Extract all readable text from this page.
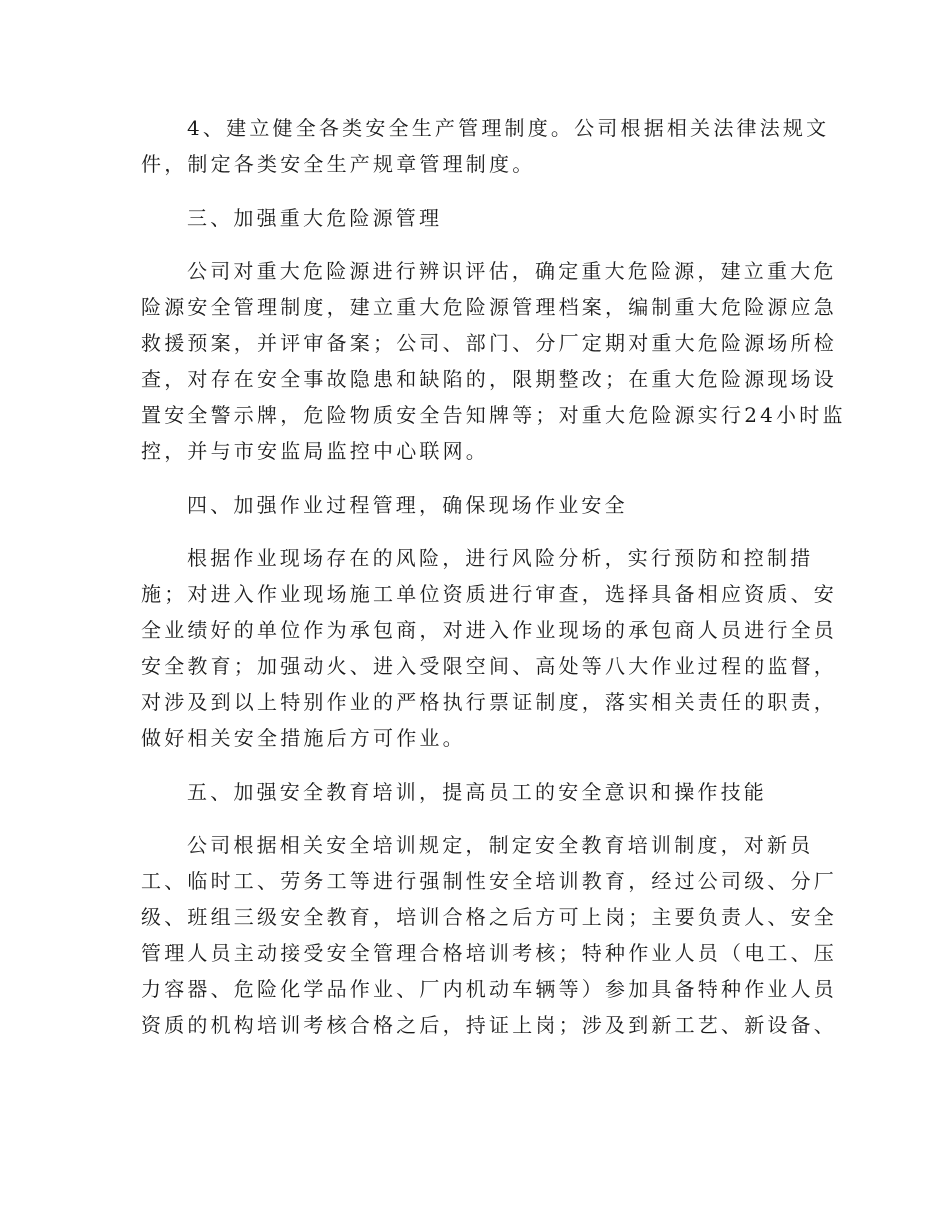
4、建立健全各类安全生产管理制度。公司根据相关法律法规文

件，制定各类安全生产规章管理制度。

三、加强重大危险源管理

公司对重大危险源进行辨识评估，确定重大危险源，建立重大危

险源安全管理制度，建立重大危险源管理档案，编制重大危险源应急

救援预案，并评审备案；公司、部门、分厂定期对重大危险源场所检

查，对存在安全事故隐患和缺陷的，限期整改；在重大危险源现场设

置安全警示牌，危险物质安全告知牌等；对重大危险源实行24小时监

控，并与市安监局监控中心联网。

四、加强作业过程管理，确保现场作业安全

根据作业现场存在的风险，进行风险分析，实行预防和控制措

施；对进入作业现场施工单位资质进行审查，选择具备相应资质、安

全业绩好的单位作为承包商，对进入作业现场的承包商人员进行全员

安全教育；加强动火、进入受限空间、高处等八大作业过程的监督，

对涉及到以上特别作业的严格执行票证制度，落实相关责任的职责，

做好相关安全措施后方可作业。

五、加强安全教育培训，提高员工的安全意识和操作技能

公司根据相关安全培训规定，制定安全教育培训制度，对新员

工、临时工、劳务工等进行强制性安全培训教育，经过公司级、分厂

级、班组三级安全教育，培训合格之后方可上岗；主要负责人、安全

管理人员主动接受安全管理合格培训考核；特种作业人员（电工、压

力容器、危险化学品作业、厂内机动车辆等）参加具备特种作业人员

资质的机构培训考核合格之后，持证上岗；涉及到新工艺、新设备、
